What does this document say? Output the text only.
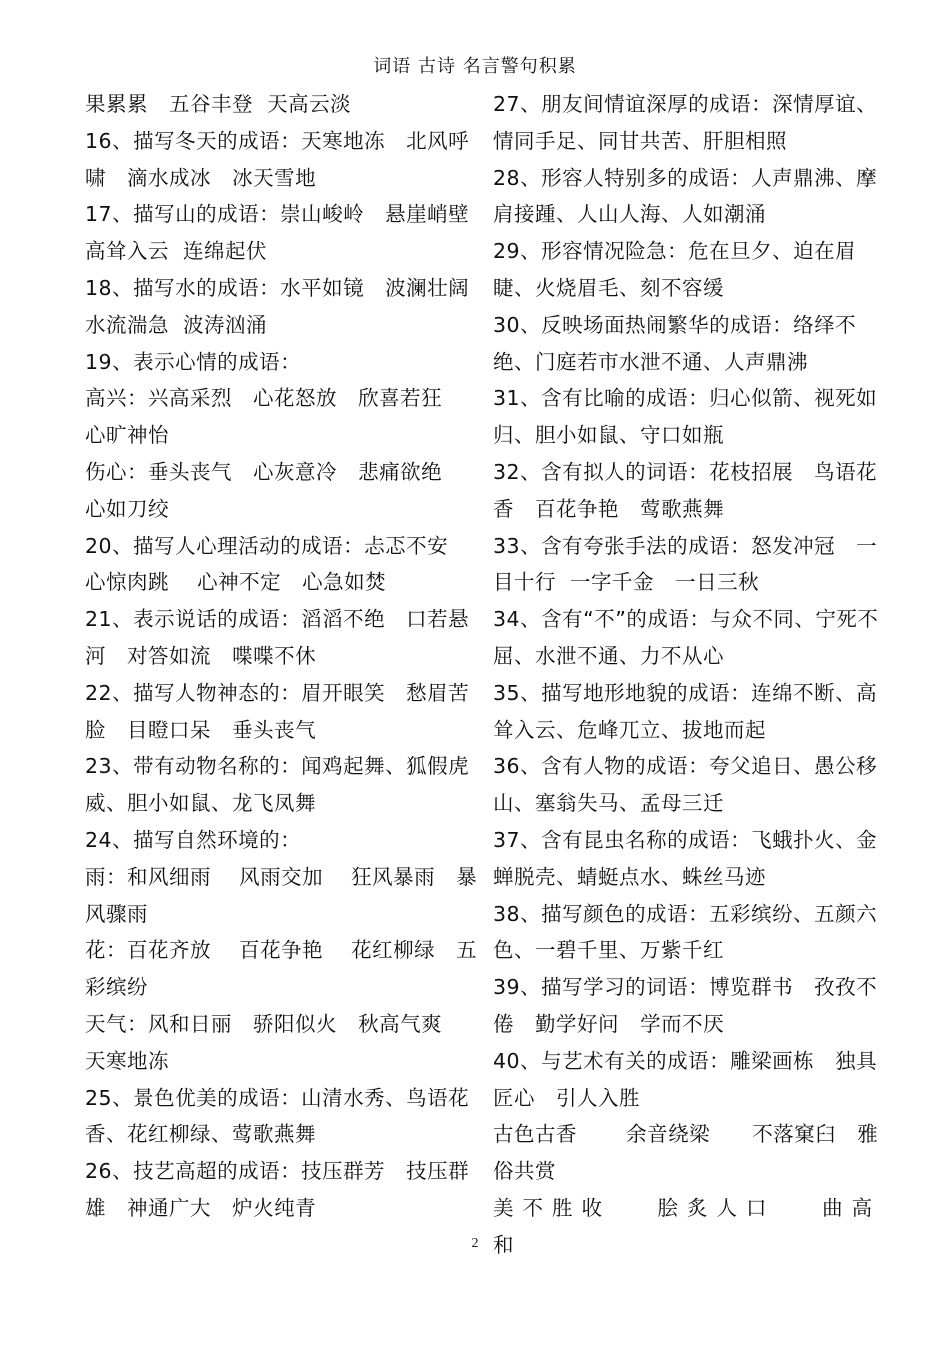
词语 古诗 名言警句积累

果累累   五谷丰登  天高云淡

16、描写冬天的成语：天寒地冻   北风呼啸   滴水成冰   冰天雪地

17、描写山的成语：崇山峻岭   悬崖峭壁   高耸入云  连绵起伏

18、描写水的成语：水平如镜   波澜壮阔   水流湍急  波涛汹涌

19、表示心情的成语：

高兴：兴高采烈   心花怒放   欣喜若狂   心旷神怡

伤心：垂头丧气   心灰意冷   悲痛欲绝   心如刀绞

20、描写人心理活动的成语：忐忑不安   心惊肉跳    心神不定   心急如焚

21、表示说话的成语：滔滔不绝   口若悬河   对答如流   喋喋不休

22、描写人物神态的：眉开眼笑   愁眉苦脸   目瞪口呆   垂头丧气

23、带有动物名称的：闻鸡起舞、狐假虎威、胆小如鼠、龙飞凤舞

24、描写自然环境的：

雨：和风细雨    风雨交加    狂风暴雨   暴风骤雨

花：百花齐放    百花争艳    花红柳绿   五彩缤纷

天气：风和日丽   骄阳似火   秋高气爽   天寒地冻

25、景色优美的成语：山清水秀、鸟语花香、花红柳绿、莺歌燕舞

26、技艺高超的成语：技压群芳   技压群雄   神通广大   炉火纯青

27、朋友间情谊深厚的成语：深情厚谊、情同手足、同甘共苦、肝胆相照

28、形容人特别多的成语：人声鼎沸、摩肩接踵、人山人海、人如潮涌

29、形容情况险急：危在旦夕、迫在眉睫、火烧眉毛、刻不容缓

30、反映场面热闹繁华的成语：络绎不绝、门庭若市水泄不通、人声鼎沸

31、含有比喻的成语：归心似箭、视死如归、胆小如鼠、守口如瓶

32、含有拟人的词语：花枝招展   鸟语花香   百花争艳   莺歌燕舞

33、含有夸张手法的成语：怒发冲冠   一目十行  一字千金   一日三秋

34、含有“不”的成语：与众不同、宁死不屈、水泄不通、力不从心

35、描写地形地貌的成语：连绵不断、高耸入云、危峰兀立、拔地而起

36、含有人物的成语：夸父追日、愚公移山、塞翁失马、孟母三迁

37、含有昆虫名称的成语：飞蛾扑火、金蝉脱壳、蜻蜓点水、蛛丝马迹

38、描写颜色的成语：五彩缤纷、五颜六色、一碧千里、万紫千红

39、描写学习的词语：博览群书   孜孜不倦   勤学好问   学而不厌

40、与艺术有关的成语：雕梁画栋   独具匠心   引人入胜

古色古香       余音绕梁      不落窠臼   雅俗共赏

美不胜收   脍炙人口   曲高和

2
